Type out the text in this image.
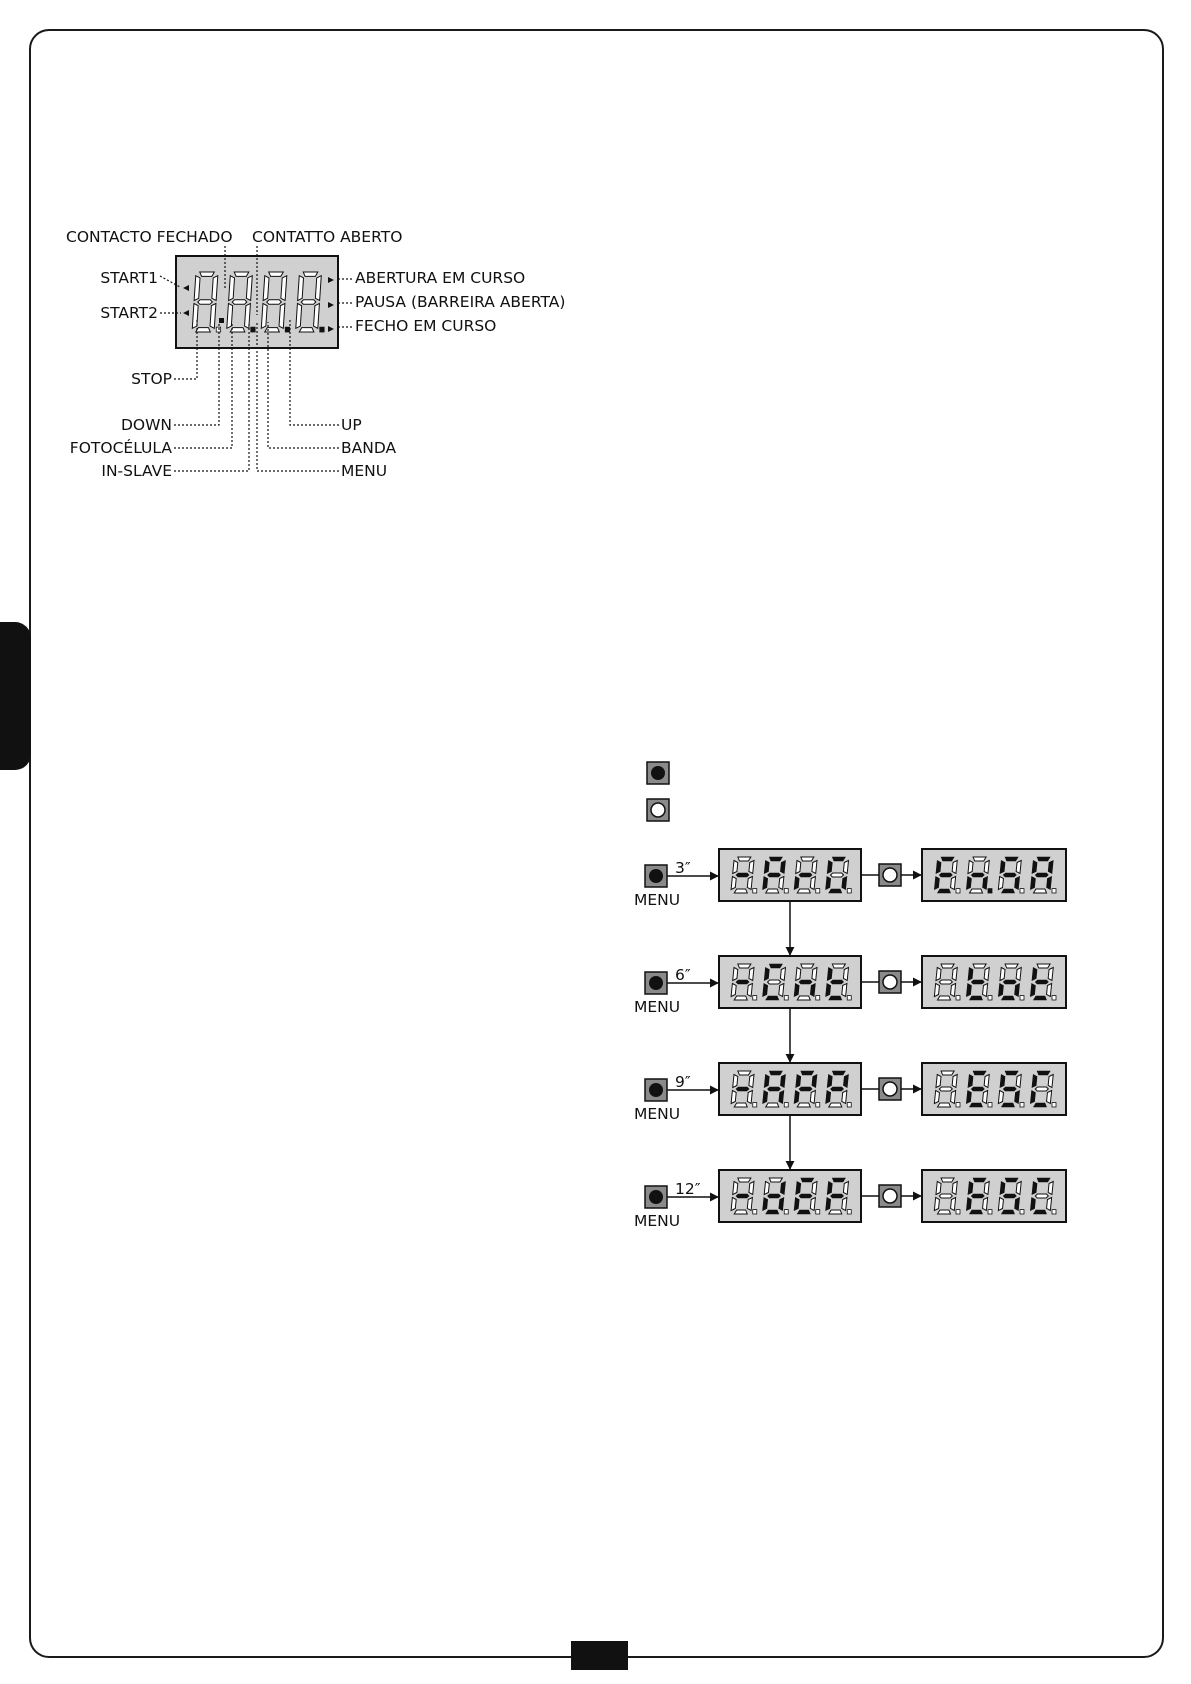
CONTACTO FECHADO CONTATTO ABERTO
START1
START2
STOP
DOWN
FOTOCÉLULA
IN-SLAVE
ABERTURA EM CURSO
PAUSA (BARREIRA ABERTA)
FECHO EM CURSO
UP
BANDA
MENU
3″
MENU
6″
MENU
9″
MENU
12″
MENU
